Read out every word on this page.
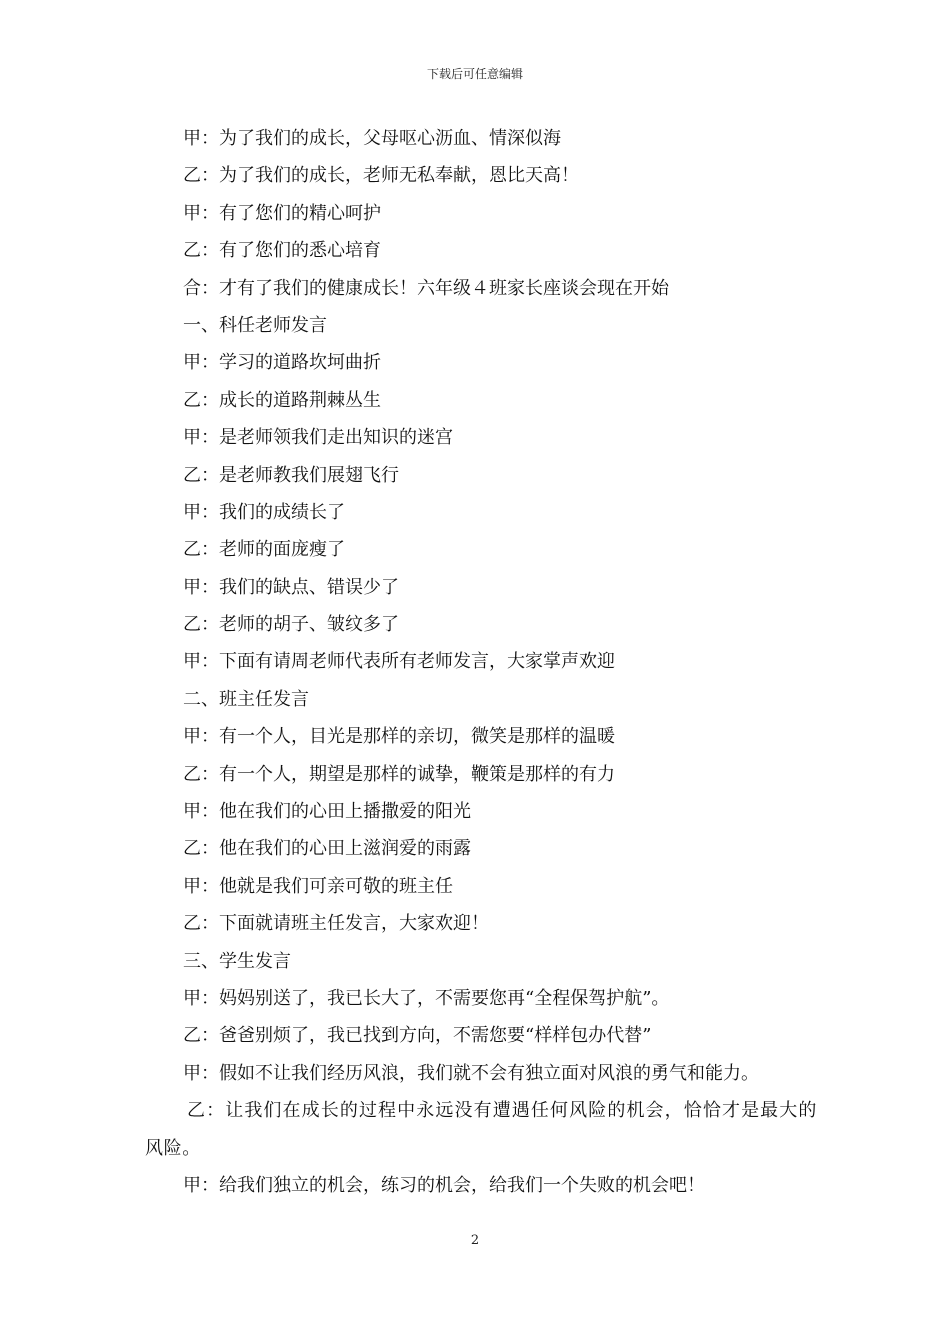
下载后可任意编辑
甲：为了我们的成长，父母呕心沥血、情深似海
乙：为了我们的成长，老师无私奉献，恩比天高！
甲：有了您们的精心呵护
乙：有了您们的悉心培育
合：才有了我们的健康成长！六年级４班家长座谈会现在开始
一、科任老师发言
甲：学习的道路坎坷曲折
乙：成长的道路荆棘丛生
甲：是老师领我们走出知识的迷宫
乙：是老师教我们展翅飞行
甲：我们的成绩长了
乙：老师的面庞瘦了
甲：我们的缺点、错误少了
乙：老师的胡子、皱纹多了
甲：下面有请周老师代表所有老师发言，大家掌声欢迎
二、班主任发言
甲：有一个人，目光是那样的亲切，微笑是那样的温暖
乙：有一个人，期望是那样的诚挚，鞭策是那样的有力
甲：他在我们的心田上播撒爱的阳光
乙：他在我们的心田上滋润爱的雨露
甲：他就是我们可亲可敬的班主任
乙：下面就请班主任发言，大家欢迎！
三、学生发言
甲：妈妈别送了，我已长大了，不需要您再“全程保驾护航”。
乙：爸爸别烦了，我已找到方向，不需您要“样样包办代替”
甲：假如不让我们经历风浪，我们就不会有独立面对风浪的勇气和能力。
乙：让我们在成长的过程中永远没有遭遇任何风险的机会，恰恰才是最大的风险。
甲：给我们独立的机会，练习的机会，给我们一个失败的机会吧！
2
